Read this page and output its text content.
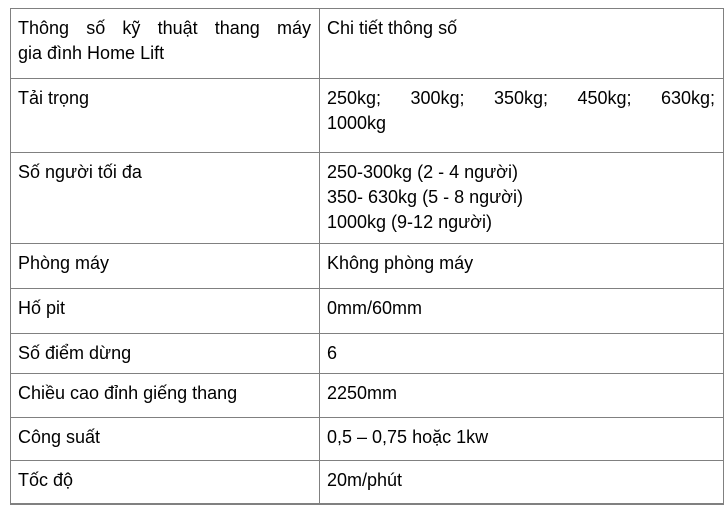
Thông số kỹ thuật thang máy
gia đình Home Lift	Chi tiết thông số

Tải trọng	250kg; 300kg; 350kg; 450kg; 630kg;
1000kg

Số người tối đa	250-300kg (2 - 4 người)
350- 630kg (5 - 8 người)
1000kg (9-12 người)

Phòng máy	Không phòng máy

Hố pit	0mm/60mm

Số điểm dừng	6

Chiều cao đỉnh giếng thang	2250mm

Công suất	0,5 – 0,75 hoặc 1kw

Tốc độ	20m/phút
